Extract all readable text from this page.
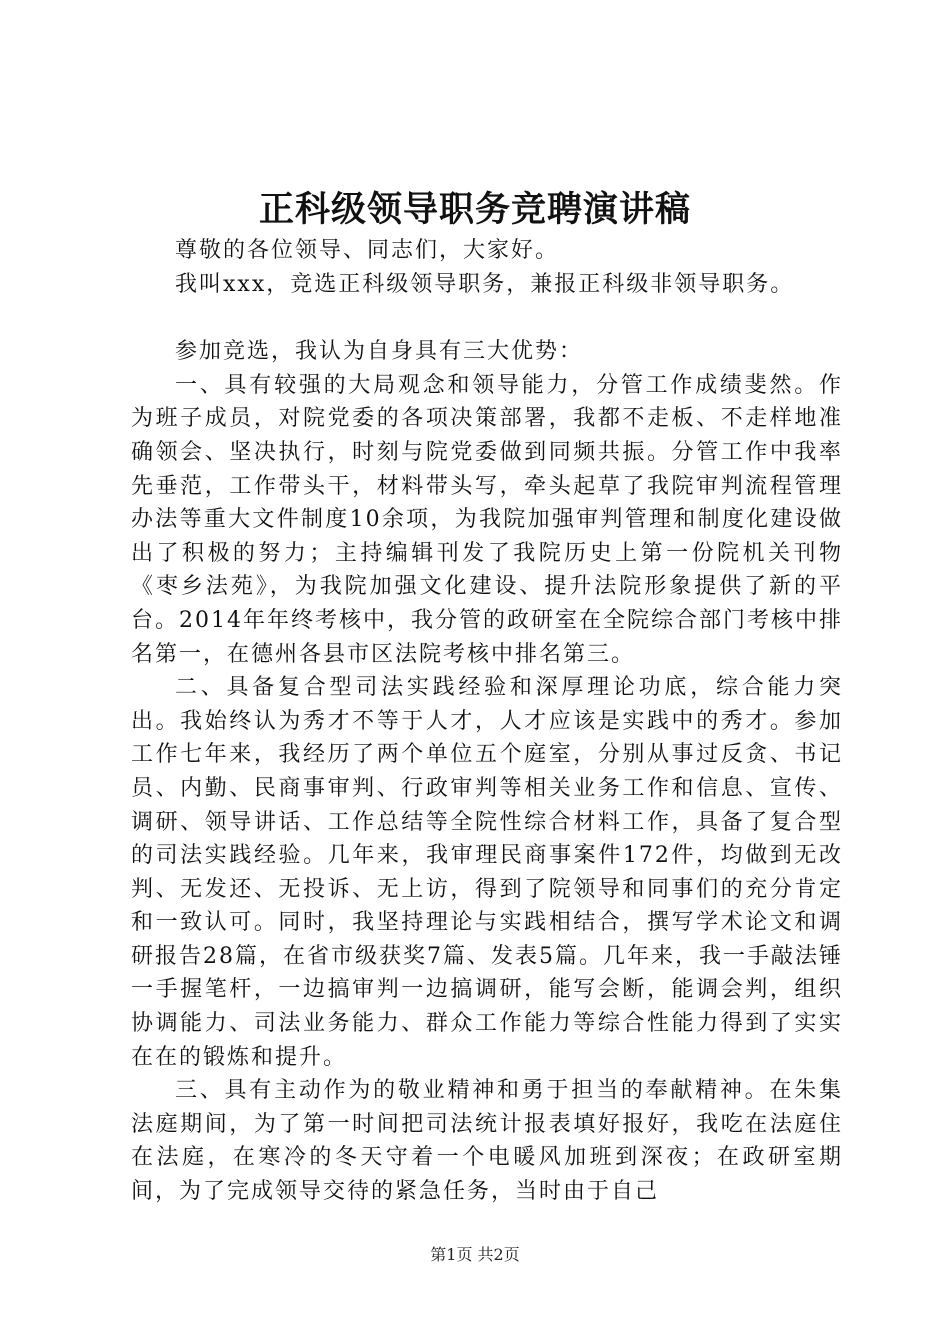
正科级领导职务竞聘演讲稿

尊敬的各位领导、同志们，大家好。

我叫xxx，竞选正科级领导职务，兼报正科级非领导职务。

参加竞选，我认为自身具有三大优势：

一、具有较强的大局观念和领导能力，分管工作成绩斐然。作为班子成员，对院党委的各项决策部署，我都不走板、不走样地准确领会、坚决执行，时刻与院党委做到同频共振。分管工作中我率先垂范，工作带头干，材料带头写，牵头起草了我院审判流程管理办法等重大文件制度10余项，为我院加强审判管理和制度化建设做出了积极的努力；主持编辑刊发了我院历史上第一份院机关刊物《枣乡法苑》，为我院加强文化建设、提升法院形象提供了新的平台。2014年年终考核中，我分管的政研室在全院综合部门考核中排名第一，在德州各县市区法院考核中排名第三。

二、具备复合型司法实践经验和深厚理论功底，综合能力突出。我始终认为秀才不等于人才，人才应该是实践中的秀才。参加工作七年来，我经历了两个单位五个庭室，分别从事过反贪、书记员、内勤、民商事审判、行政审判等相关业务工作和信息、宣传、调研、领导讲话、工作总结等全院性综合材料工作，具备了复合型的司法实践经验。几年来，我审理民商事案件172件，均做到无改判、无发还、无投诉、无上访，得到了院领导和同事们的充分肯定和一致认可。同时，我坚持理论与实践相结合，撰写学术论文和调研报告28篇，在省市级获奖7篇、发表5篇。几年来，我一手敲法锤一手握笔杆，一边搞审判一边搞调研，能写会断，能调会判，组织协调能力、司法业务能力、群众工作能力等综合性能力得到了实实在在的锻炼和提升。

三、具有主动作为的敬业精神和勇于担当的奉献精神。在朱集法庭期间，为了第一时间把司法统计报表填好报好，我吃在法庭住在法庭，在寒冷的冬天守着一个电暖风加班到深夜；在政研室期间，为了完成领导交待的紧急任务，当时由于自己

第1页 共2页
